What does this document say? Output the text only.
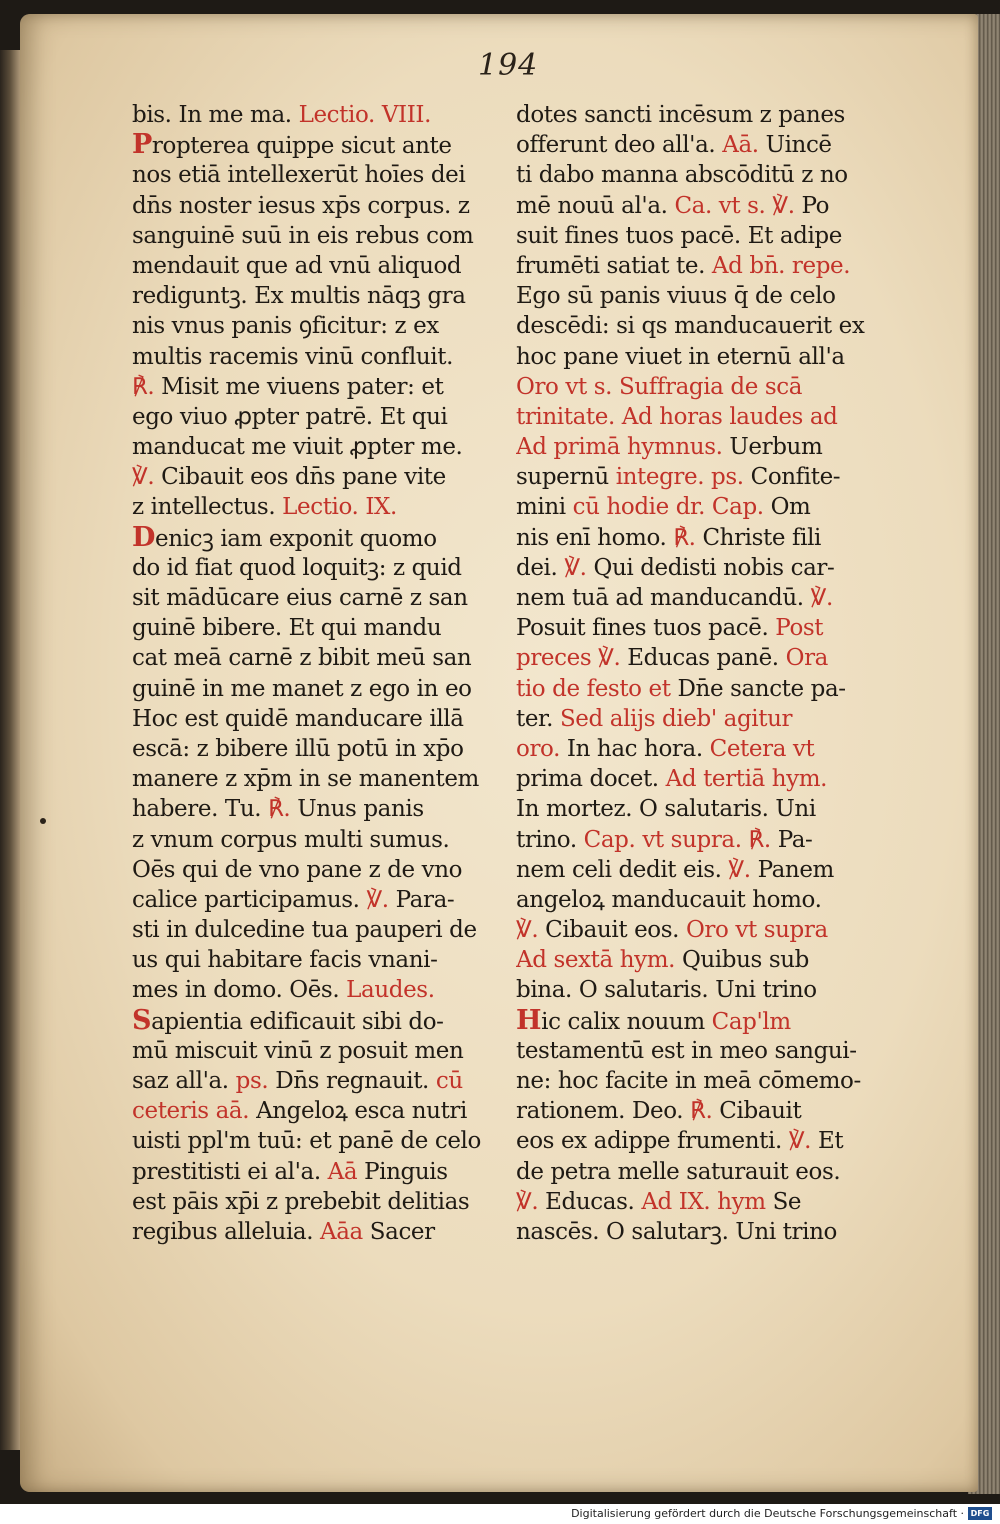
194
bis. In me ma. Lectio. VIII.
Propterea quippe sicut ante
nos etiā intellexerūt hoīes dei
dn̄s noster iesus xp̄s corpus. z
sanguinē suū in eis rebus com
mendauit que ad vnū aliquod
rediguntꝫ. Ex multis nāqꝫ gra
nis vnus panis ꝯficitur: z ex
multis racemis vinū confluit.
℟. Misit me viuens pater: et
ego viuo ꝓpter patrē. Et qui
manducat me viuit ꝓpter me.
℣. Cibauit eos dn̄s pane vite
z intellectus. Lectio. IX.
Denicꝫ iam exponit quomo
do id fiat quod loquitꝫ: z quid
sit mādūcare eius carnē z san
guinē bibere. Et qui mandu
cat meā carnē z bibit meū san
guinē in me manet z ego in eo
Hoc est quidē manducare illā
escā: z bibere illū potū in xp̄o
manere z xp̄m in se manentem
habere. Tu. ℟. Unus panis
z vnum corpus multi sumus.
Oēs qui de vno pane z de vno
calice participamus. ℣. Para-
sti in dulcedine tua pauperi de
us qui habitare facis vnani-
mes in domo. Oēs. Laudes.
Sapientia edificauit sibi do-
mū miscuit vinū z posuit men
saz all'a. ps. Dn̄s regnauit. cū
ceteris aā. Angeloꝝ esca nutri
uisti ppl'm tuū: et panē de celo
prestitisti ei al'a. Aā Pinguis
est pāis xp̄i z prebebit delitias
regibus alleluia. Aāa Sacer
dotes sancti incēsum z panes
offerunt deo all'a. Aā. Uincē
ti dabo manna abscōditū z no
mē nouū al'a. Ca. vt s. ℣. Po
suit fines tuos pacē. Et adipe
frumēti satiat te. Ad bn̄. repe.
Ego sū panis viuus q̄ de celo
descēdi: si qs manducauerit ex
hoc pane viuet in eternū all'a
Oro vt s. Suffragia de scā
trinitate. Ad horas laudes ad
Ad primā hymnus. Uerbum
supernū integre. ps. Confite-
mini cū hodie dr. Cap. Om
nis enī homo. ℟. Christe fili
dei. ℣. Qui dedisti nobis car-
nem tuā ad manducandū. ℣.
Posuit fines tuos pacē. Post
preces ℣. Educas panē. Ora
tio de festo et Dn̄e sancte pa-
ter. Sed alijs dieb' agitur
oro. In hac hora. Cetera vt
prima docet. Ad tertiā hym.
In mortez. O salutaris. Uni
trino. Cap. vt supra. ℟. Pa-
nem celi dedit eis. ℣. Panem
angeloꝝ manducauit homo.
℣. Cibauit eos. Oro vt supra
Ad sextā hym. Quibus sub
bina. O salutaris. Uni trino
Hic calix nouum Cap'lm
testamentū est in meo sangui-
ne: hoc facite in meā cōmemo-
rationem. Deo. ℟. Cibauit
eos ex adippe frumenti. ℣. Et
de petra melle saturauit eos.
℣. Educas. Ad IX. hym Se
nascēs. O salutarꝫ. Uni trino
Digitalisierung gefördert durch die Deutsche Forschungsgemeinschaft · DFG
